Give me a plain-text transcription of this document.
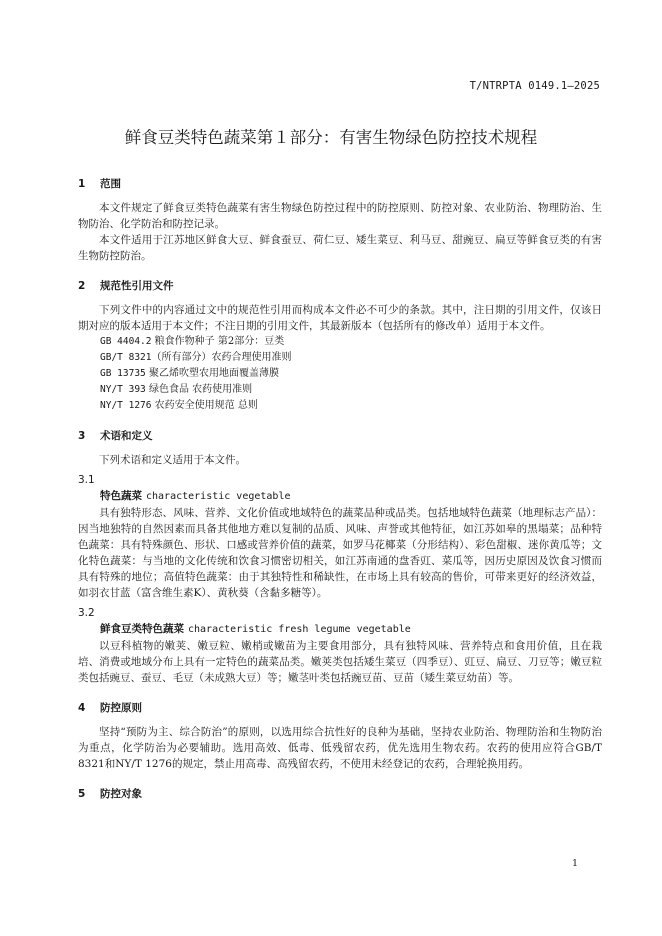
T/NTRPTA 0149.1—2025
鲜食豆类特色蔬菜第１部分：有害生物绿色防控技术规程
1	范围

本文件规定了鲜食豆类特色蔬菜有害生物绿色防控过程中的防控原则、防控对象、农业防治、物理防治、生物防治、化学防治和防控记录。

本文件适用于江苏地区鲜食大豆、鲜食蚕豆、荷仁豆、矮生菜豆、利马豆、甜豌豆、扁豆等鲜食豆类的有害生物防控防治。

2	规范性引用文件

下列文件中的内容通过文中的规范性引用而构成本文件必不可少的条款。其中，注日期的引用文件，仅该日期对应的版本适用于本文件；不注日期的引用文件，其最新版本（包括所有的修改单）适用于本文件。

GB 4404.2 粮食作物种子 第2部分：豆类

GB/T 8321（所有部分）农药合理使用准则

GB 13735 聚乙烯吹塑农用地面覆盖薄膜

NY/T 393 绿色食品 农药使用准则

NY/T 1276 农药安全使用规范 总则

3	术语和定义

下列术语和定义适用于本文件。

3.1
特色蔬菜 characteristic vegetable

具有独特形态、风味、营养、文化价值或地域特色的蔬菜品种或品类。包括地域特色蔬菜（地理标志产品）：因当地独特的自然因素而具备其他地方难以复制的品质、风味、声誉或其他特征，如江苏如皋的黑塌菜；品种特色蔬菜：具有特殊颜色、形状、口感或营养价值的蔬菜，如罗马花椰菜（分形结构）、彩色甜椒、迷你黄瓜等；文化特色蔬菜：与当地的文化传统和饮食习惯密切相关，如江苏南通的盘香豇、菜瓜等，因历史原因及饮食习惯而具有特殊的地位；高值特色蔬菜：由于其独特性和稀缺性，在市场上具有较高的售价，可带来更好的经济效益，如羽衣甘蓝（富含维生素K）、黄秋葵（含黏多糖等）。

3.2
鲜食豆类特色蔬菜 characteristic fresh legume vegetable

以豆科植物的嫩荚、嫩豆粒、嫩梢或嫩苗为主要食用部分，具有独特风味、营养特点和食用价值，且在栽培、消费或地域分布上具有一定特色的蔬菜品类。嫩荚类包括矮生菜豆（四季豆）、豇豆、扁豆、刀豆等；嫩豆粒类包括豌豆、蚕豆、毛豆（未成熟大豆）等；嫩茎叶类包括豌豆苗、豆苗（矮生菜豆幼苗）等。

4	防控原则

坚持“预防为主、综合防治”的原则，以选用综合抗性好的良种为基础，坚持农业防治、物理防治和生物防治为重点，化学防治为必要辅助。选用高效、低毒、低残留农药，优先选用生物农药。农药的使用应符合GB/T 8321和NY/T 1276的规定，禁止用高毒、高残留农药，不使用未经登记的农药，合理轮换用药。

5	防控对象
1
